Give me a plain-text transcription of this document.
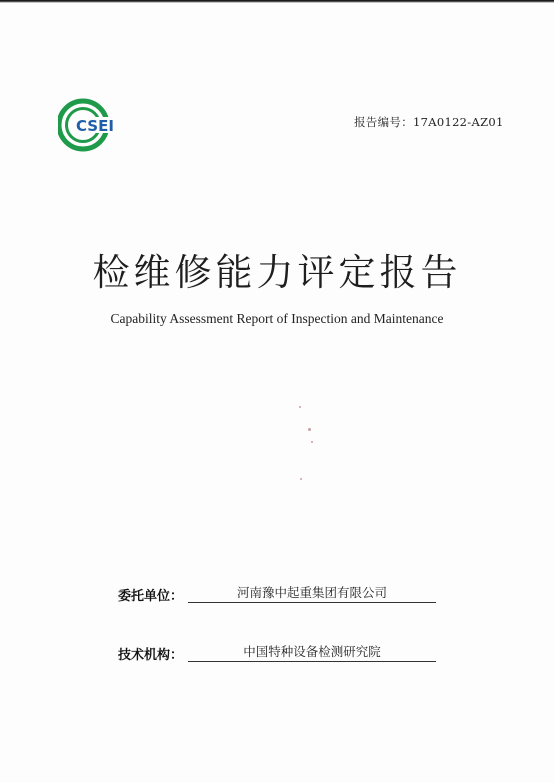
CSEI	报告编号：17A0122-AZ01
检维修能力评定报告
Capability Assessment Report of Inspection and Maintenance
委托单位：	河南豫中起重集团有限公司
技术机构：	中国特种设备检测研究院
